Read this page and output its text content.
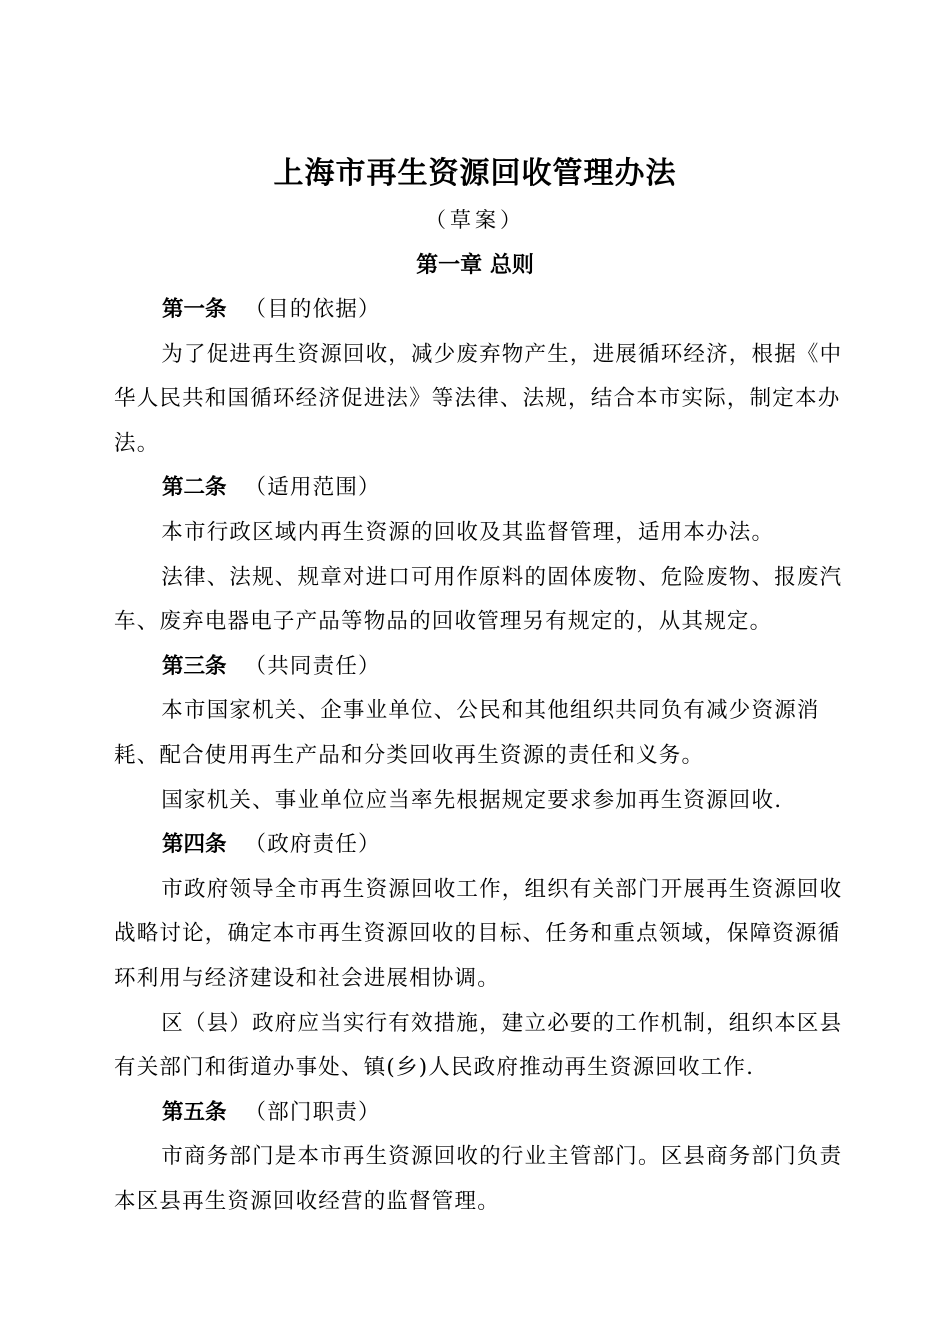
上海市再生资源回收管理办法
（草案）
第一章 总则
第一条 （目的依据）

为了促进再生资源回收，减少废弃物产生，进展循环经济，根据《中华人民共和国循环经济促进法》等法律、法规，结合本市实际，制定本办法。

第二条 （适用范围）

本市行政区域内再生资源的回收及其监督管理，适用本办法。

法律、法规、规章对进口可用作原料的固体废物、危险废物、报废汽车、废弃电器电子产品等物品的回收管理另有规定的，从其规定。

第三条 （共同责任）

本市国家机关、企事业单位、公民和其他组织共同负有减少资源消耗、配合使用再生产品和分类回收再生资源的责任和义务。

国家机关、事业单位应当率先根据规定要求参加再生资源回收.

第四条 （政府责任）

市政府领导全市再生资源回收工作，组织有关部门开展再生资源回收战略讨论，确定本市再生资源回收的目标、任务和重点领域，保障资源循环利用与经济建设和社会进展相协调。

区（县）政府应当实行有效措施，建立必要的工作机制，组织本区县有关部门和街道办事处、镇(乡)人民政府推动再生资源回收工作.

第五条 （部门职责）

市商务部门是本市再生资源回收的行业主管部门。区县商务部门负责本区县再生资源回收经营的监督管理。
